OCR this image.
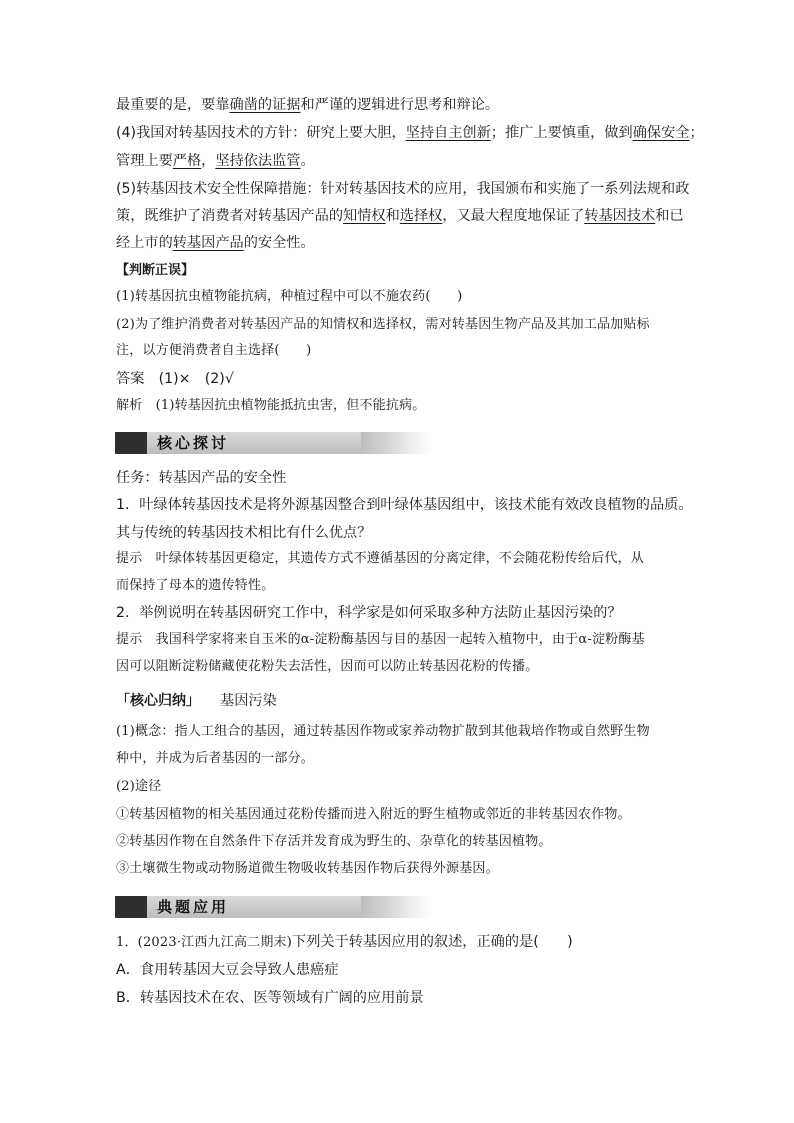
最重要的是，要靠确凿的证据和严谨的逻辑进行思考和辩论。
(4)我国对转基因技术的方针：研究上要大胆，坚持自主创新；推广上要慎重，做到确保安全；
管理上要严格，坚持依法监管。
(5)转基因技术安全性保障措施：针对转基因技术的应用，我国颁布和实施了一系列法规和政
策，既维护了消费者对转基因产品的知情权和选择权，又最大程度地保证了转基因技术和已
经上市的转基因产品的安全性。
【判断正误】
(1)转基因抗虫植物能抗病，种植过程中可以不施农药(　　)
(2)为了维护消费者对转基因产品的知情权和选择权，需对转基因生物产品及其加工品加贴标
注，以方便消费者自主选择(　　)
答案　(1)×　(2)√
解析　(1)转基因抗虫植物能抵抗虫害，但不能抗病。
核心探讨
任务：转基因产品的安全性
1．叶绿体转基因技术是将外源基因整合到叶绿体基因组中，该技术能有效改良植物的品质。
其与传统的转基因技术相比有什么优点？
提示　叶绿体转基因更稳定，其遗传方式不遵循基因的分离定律，不会随花粉传给后代，从
而保持了母本的遗传特性。
2．举例说明在转基因研究工作中，科学家是如何采取多种方法防止基因污染的？
提示　我国科学家将来自玉米的α-淀粉酶基因与目的基因一起转入植物中，由于α-淀粉酶基
因可以阻断淀粉储藏使花粉失去活性，因而可以防止转基因花粉的传播。
「核心归纳」 基因污染
(1)概念：指人工组合的基因，通过转基因作物或家养动物扩散到其他栽培作物或自然野生物
种中，并成为后者基因的一部分。
(2)途径
①转基因植物的相关基因通过花粉传播而进入附近的野生植物或邻近的非转基因农作物。
②转基因作物在自然条件下存活并发育成为野生的、杂草化的转基因植物。
③土壤微生物或动物肠道微生物吸收转基因作物后获得外源基因。
典题应用
1．(2023·江西九江高二期末)下列关于转基因应用的叙述，正确的是(　　)
A．食用转基因大豆会导致人患癌症
B．转基因技术在农、医等领域有广阔的应用前景
